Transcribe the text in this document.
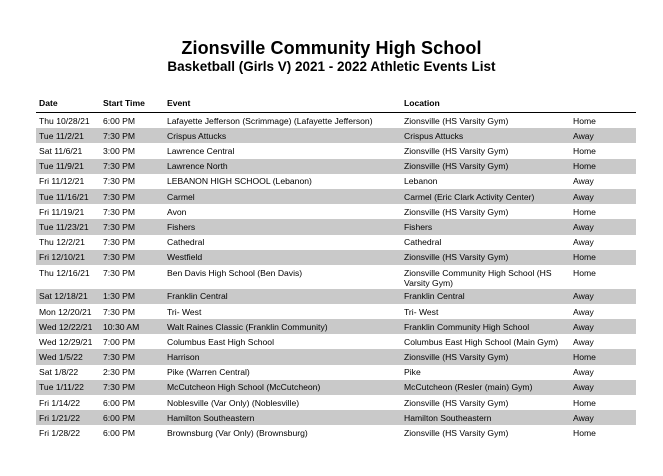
Zionsville Community High School
Basketball (Girls V) 2021 - 2022 Athletic Events List
Date	Start Time	Event	Location
Thu 10/28/21 6:00 PM	Lafayette Jefferson (Scrimmage) (Lafayette Jefferson)	Zionsville (HS Varsity Gym)	Home
Tue 11/2/21 7:30 PM	Crispus Attucks	Crispus Attucks	Away
Sat 11/6/21 3:00 PM	Lawrence Central	Zionsville (HS Varsity Gym)	Home
Tue 11/9/21 7:30 PM	Lawrence North	Zionsville (HS Varsity Gym)	Home
Fri 11/12/21 7:30 PM	LEBANON HIGH SCHOOL (Lebanon)	Lebanon	Away
Tue 11/16/21 7:30 PM	Carmel	Carmel (Eric Clark Activity Center)	Away
Fri 11/19/21 7:30 PM	Avon	Zionsville (HS Varsity Gym)	Home
Tue 11/23/21 7:30 PM	Fishers	Fishers	Away
Thu 12/2/21 7:30 PM	Cathedral	Cathedral	Away
Fri 12/10/21 7:30 PM	Westfield	Zionsville (HS Varsity Gym)	Home
Thu 12/16/21 7:30 PM	Ben Davis High School (Ben Davis)	Zionsville Community High School (HS Varsity Gym)
Home
Sat 12/18/21 1:30 PM	Franklin Central	Franklin Central	Away
Mon 12/20/21 7:30 PM	Tri- West	Tri- West	Away
Wed 12/22/21 10:30 AM	Walt Raines Classic (Franklin Community)	Franklin Community High School	Away
Wed 12/29/21 7:00 PM	Columbus East High School	Columbus East High School (Main Gym)	Away
Wed 1/5/22 7:30 PM	Harrison	Zionsville (HS Varsity Gym)	Home
Sat 1/8/22	2:30 PM	Pike (Warren Central)	Pike	Away
Tue 1/11/22 7:30 PM	McCutcheon High School (McCutcheon)	McCutcheon (Resler (main) Gym)	Away
Fri 1/14/22	6:00 PM	Noblesville (Var Only) (Noblesville)	Zionsville (HS Varsity Gym)	Home
Fri 1/21/22	6:00 PM	Hamilton Southeastern	Hamilton Southeastern	Away
Fri 1/28/22	6:00 PM	Brownsburg (Var Only) (Brownsburg)	Zionsville (HS Varsity Gym)	Home
